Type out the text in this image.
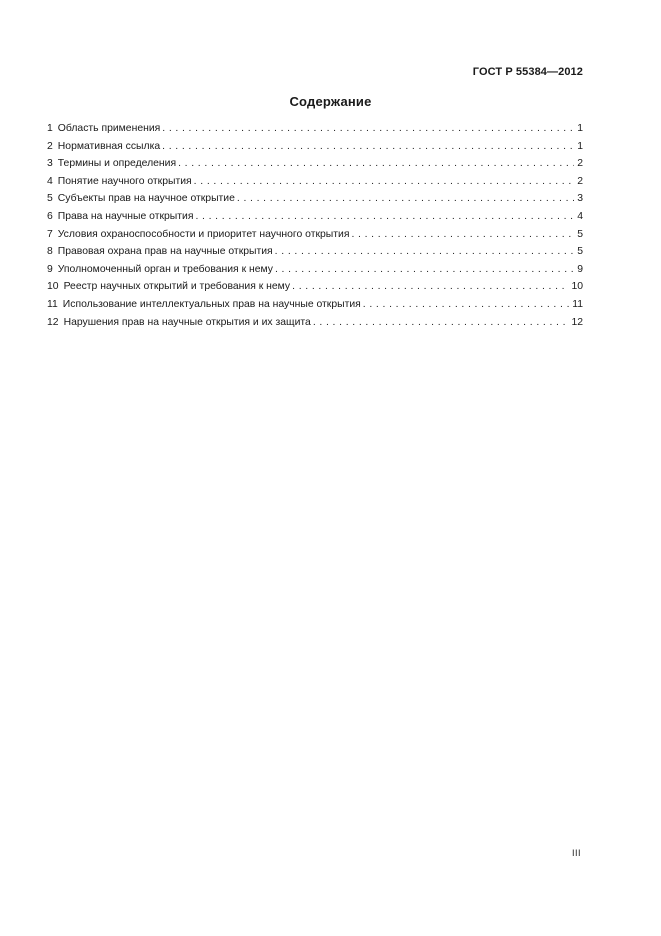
ГОСТ Р 55384—2012
Содержание
1 Область применения . . .	1
2 Нормативная ссылка . . .	1
3 Термины и определения . . .	2
4 Понятие научного открытия . . .	2
5 Субъекты прав на научное открытие . . .	3
6 Права на научные открытия . . .	4
7 Условия охраноспособности и приоритет научного открытия . . .	5
8 Правовая охрана прав на научные открытия . . .	5
9 Уполномоченный орган и требования к нему . . .	9
10 Реестр научных открытий и требования к нему . . .	10
11 Использование интеллектуальных прав на научные открытия . . .	11
12 Нарушения прав на научные открытия и их защита . . .	12
III
